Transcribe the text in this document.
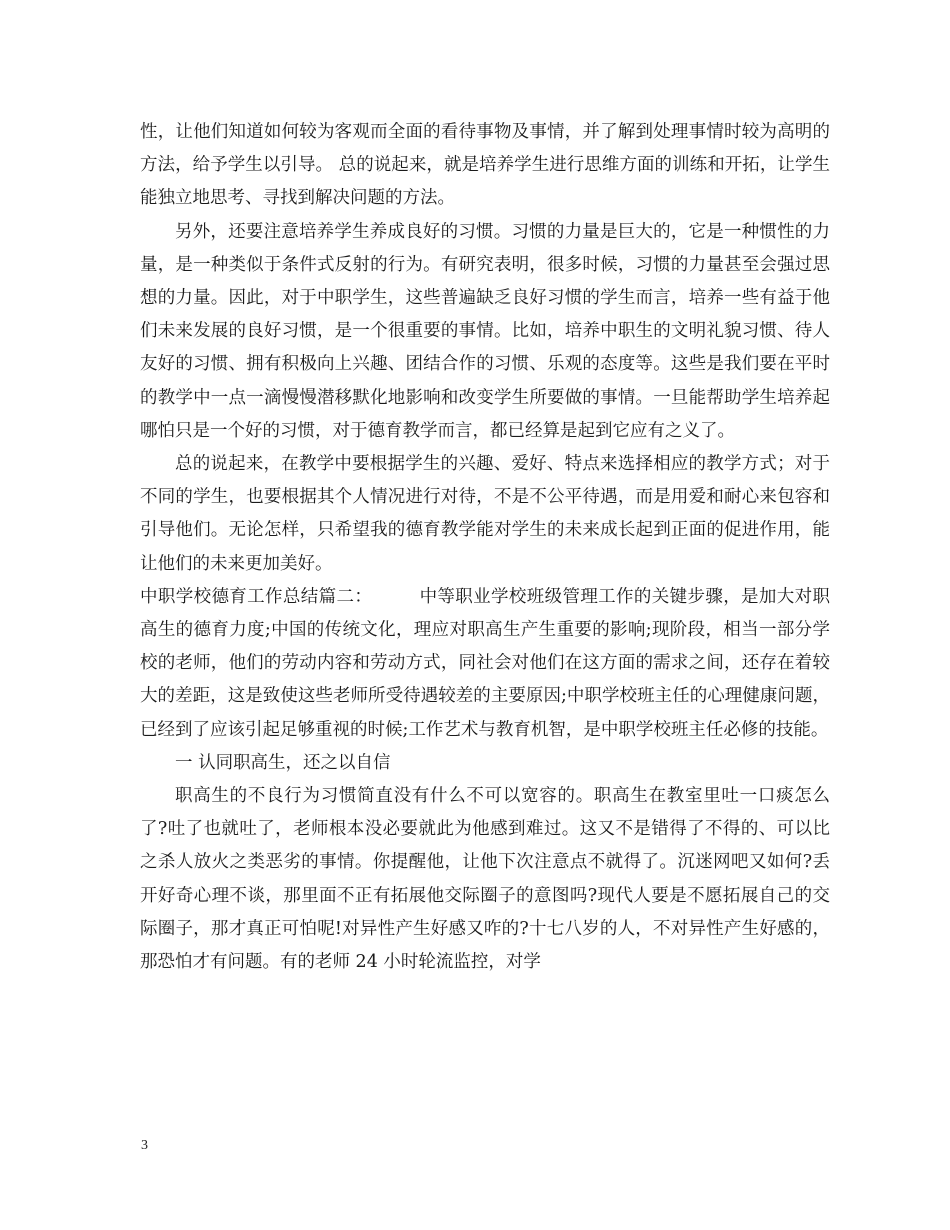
性，让他们知道如何较为客观而全面的看待事物及事情，并了解到处理事情时较为高明的方法，给予学生以引导。 总的说起来，就是培养学生进行思维方面的训练和开拓，让学生能独立地思考、寻找到解决问题的方法。

另外，还要注意培养学生养成良好的习惯。习惯的力量是巨大的，它是一种惯性的力量，是一种类似于条件式反射的行为。有研究表明，很多时候，习惯的力量甚至会强过思想的力量。因此，对于中职学生，这些普遍缺乏良好习惯的学生而言，培养一些有益于他们未来发展的良好习惯，是一个很重要的事情。比如，培养中职生的文明礼貌习惯、待人友好的习惯、拥有积极向上兴趣、团结合作的习惯、乐观的态度等。这些是我们要在平时的教学中一点一滴慢慢潜移默化地影响和改变学生所要做的事情。一旦能帮助学生培养起哪怕只是一个好的习惯，对于德育教学而言，都已经算是起到它应有之义了。

总的说起来，在教学中要根据学生的兴趣、爱好、特点来选择相应的教学方式；对于不同的学生，也要根据其个人情况进行对待，不是不公平待遇，而是用爱和耐心来包容和引导他们。无论怎样，只希望我的德育教学能对学生的未来成长起到正面的促进作用，能让他们的未来更加美好。

中职学校德育工作总结篇二：        中等职业学校班级管理工作的关键步骤，是加大对职高生的德育力度;中国的传统文化，理应对职高生产生重要的影响;现阶段，相当一部分学校的老师，他们的劳动内容和劳动方式，同社会对他们在这方面的需求之间，还存在着较大的差距，这是致使这些老师所受待遇较差的主要原因;中职学校班主任的心理健康问题，已经到了应该引起足够重视的时候;工作艺术与教育机智，是中职学校班主任必修的技能。

一 认同职高生，还之以自信

职高生的不良行为习惯简直没有什么不可以宽容的。职高生在教室里吐一口痰怎么了?吐了也就吐了，老师根本没必要就此为他感到难过。这又不是错得了不得的、可以比之杀人放火之类恶劣的事情。你提醒他，让他下次注意点不就得了。沉迷网吧又如何?丢开好奇心理不谈，那里面不正有拓展他交际圈子的意图吗?现代人要是不愿拓展自己的交际圈子，那才真正可怕呢!对异性产生好感又咋的?十七八岁的人，不对异性产生好感的，那恐怕才有问题。有的老师 24 小时轮流监控，对学

3
